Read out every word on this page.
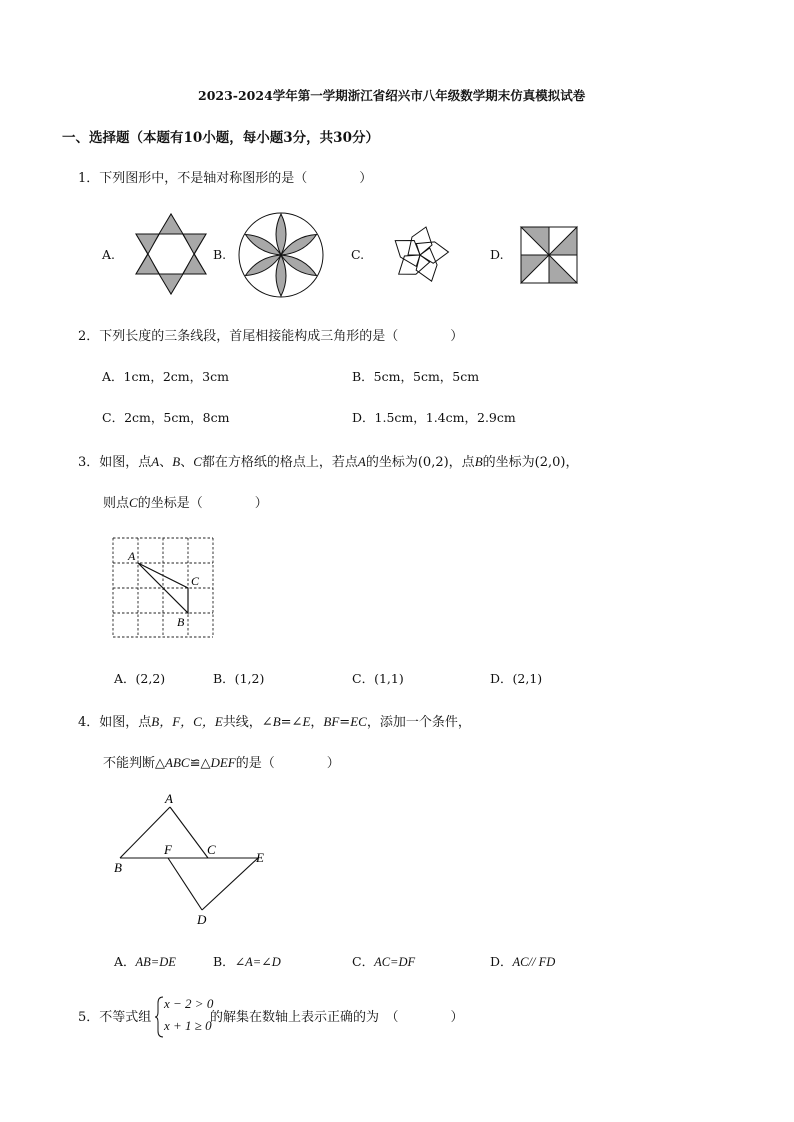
2023-2024学年第一学期浙江省绍兴市八年级数学期末仿真模拟试卷
一、选择题（本题有10小题，每小题3分，共30分）
1．下列图形中，不是轴对称图形的是（　　　　）
A.	B.	C.	D.
2．下列长度的三条线段，首尾相接能构成三角形的是（　　　　）
A．1cm，2cm，3cm	B．5cm，5cm，5cm
C．2cm，5cm，8cm	D．1.5cm，1.4cm，2.9cm
3．如图，点A、B、C都在方格纸的格点上，若点A的坐标为(0,2)，点B的坐标为(2,0)，
则点C的坐标是（　　　　）
A
C
B
A．(2,2)	B．(1,2)	C．(1,1)	D．(2,1)
4．如图，点B，F，C，E共线，∠B=∠E，BF=EC，添加一个条件，
不能判断△ABC≌△DEF的是（　　　　）
A
B
F	C
E
D
A．AB=DE	B．∠A=∠D	C．AC=DF	D．AC// FD
5．不等式组
x − 2 > 0
x + 1 ≥ 0
的解集在数轴上表示正确的为　（　　　　）
